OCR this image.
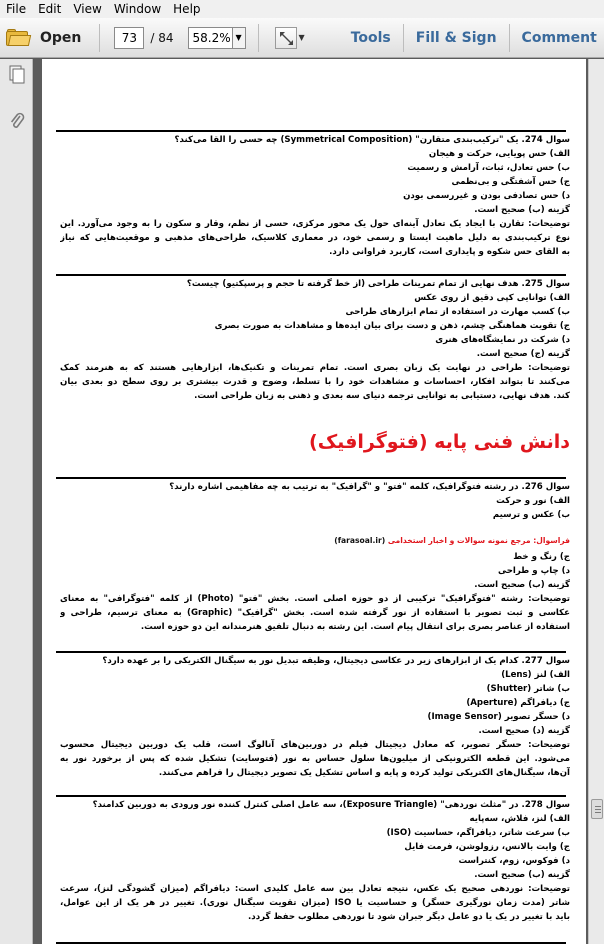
File	Edit	View	Window	Help
Open	73	/ 84	58.2% ▼	▼	Tools Fill & Sign Comment
سوال 274. یک "ترکیب‌بندی متقارن" (Symmetrical Composition) چه حسی را القا می‌کند؟
الف) حس پویایی، حرکت و هیجان
ب) حس تعادل، ثبات، آرامش و رسمیت
ج) حس آشفتگی و بی‌نظمی
د) حس تصادفی بودن و غیررسمی بودن
گزینه (ب) صحیح است.
توضیحات: تقارن با ایجاد یک تعادل آینه‌ای حول یک محور مرکزی، حسی از نظم، وقار و سکون را به وجود می‌آورد. این
نوع ترکیب‌بندی به دلیل ماهیت ایستا و رسمی خود، در معماری کلاسیک، طراحی‌های مذهبی و موقعیت‌هایی که نیاز
به القای حس شکوه و پایداری است، کاربرد فراوانی دارد.
سوال 275. هدف نهایی از تمام تمرینات طراحی (از خط گرفته تا حجم و پرسپکتیو) چیست؟
الف) توانایی کپی دقیق از روی عکس
ب) کسب مهارت در استفاده از تمام ابزارهای طراحی
ج) تقویت هماهنگی چشم، ذهن و دست برای بیان ایده‌ها و مشاهدات به صورت بصری
د) شرکت در نمایشگاه‌های هنری
گزینه (ج) صحیح است.
توضیحات: طراحی در نهایت یک زبان بصری است. تمام تمرینات و تکنیک‌ها، ابزارهایی هستند که به هنرمند کمک
می‌کنند تا بتواند افکار، احساسات و مشاهدات خود را با تسلط، وضوح و قدرت بیشتری بر روی سطح دو بعدی بیان
کند. هدف نهایی، دستیابی به توانایی ترجمه دنیای سه بعدی و ذهنی به زبان طراحی است.
دانش فنی پایه (فتوگرافیک)
سوال 276. در رشته فتوگرافیک، کلمه "فتو" و "گرافیک" به ترتیب به چه مفاهیمی اشاره دارند؟
الف) نور و حرکت
ب) عکس و ترسیم
فراسوال: مرجع نمونه سوالات و اخبار استخدامی (farasoal.ir)
ج) رنگ و خط
د) چاپ و طراحی
گزینه (ب) صحیح است.
توضیحات: رشته "فتوگرافیک" ترکیبی از دو حوزه اصلی است. بخش "فتو" (Photo) از کلمه "فتوگرافی" به معنای
عکاسی و ثبت تصویر با استفاده از نور گرفته شده است. بخش "گرافیک" (Graphic) به معنای ترسیم، طراحی و
استفاده از عناصر بصری برای انتقال پیام است. این رشته به دنبال تلفیق هنرمندانه این دو حوزه است.
سوال 277. کدام یک از ابزارهای زیر در عکاسی دیجیتال، وظیفه تبدیل نور به سیگنال الکتریکی را بر عهده دارد؟
الف) لنز (Lens)
ب) شاتر (Shutter)
ج) دیافراگم (Aperture)
د) حسگر تصویر (Image Sensor)
گزینه (د) صحیح است.
توضیحات: حسگر تصویر، که معادل دیجیتال فیلم در دوربین‌های آنالوگ است، قلب یک دوربین دیجیتال محسوب
می‌شود. این قطعه الکترونیکی از میلیون‌ها سلول حساس به نور (فتوسایت) تشکیل شده که پس از برخورد نور به
آن‌ها، سیگنال‌های الکتریکی تولید کرده و پایه و اساس تشکیل یک تصویر دیجیتال را فراهم می‌کنند.
سوال 278. در "مثلث نوردهی" (Exposure Triangle)، سه عامل اصلی کنترل کننده نور ورودی به دوربین کدامند؟
الف) لنز، فلاش، سه‌پایه
ب) سرعت شاتر، دیافراگم، حساسیت (ISO)
ج) وایت بالانس، رزولوشن، فرمت فایل
د) فوکوس، زوم، کنتراست
گزینه (ب) صحیح است.
توضیحات: نوردهی صحیح یک عکس، نتیجه تعادل بین سه عامل کلیدی است: دیافراگم (میزان گشودگی لنز)، سرعت
شاتر (مدت زمان نورگیری حسگر) و حساسیت یا ISO (میزان تقویت سیگنال نوری). تغییر در هر یک از این عوامل،
باید با تغییر در یک یا دو عامل دیگر جبران شود تا نوردهی مطلوب حفظ گردد.
